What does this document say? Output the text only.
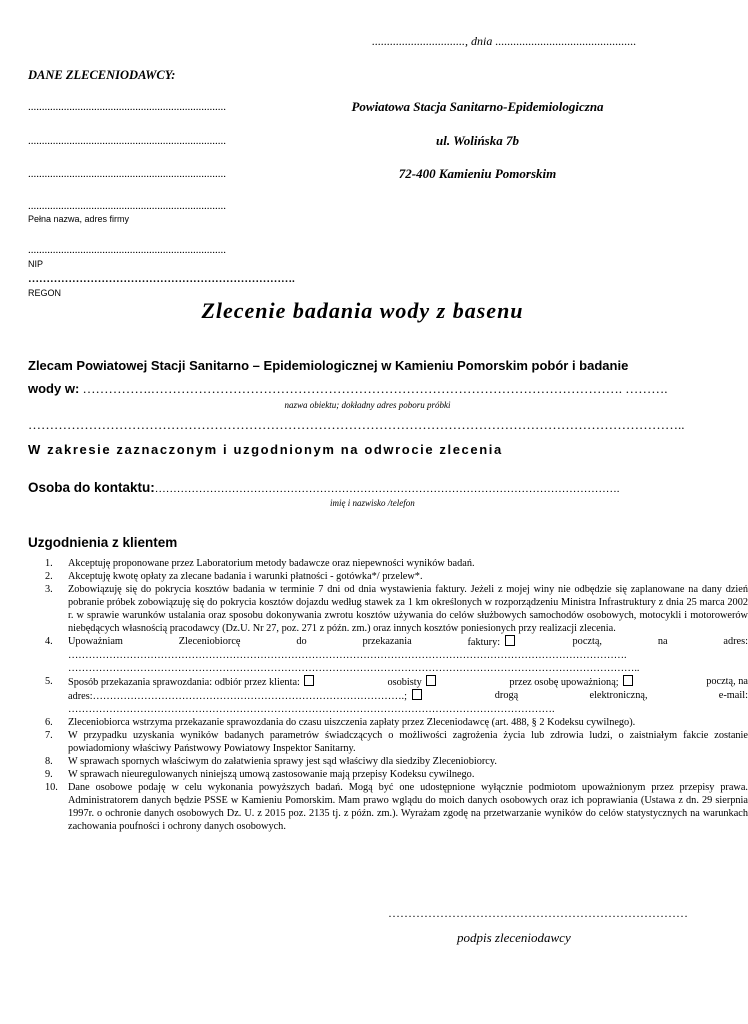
..............................., dnia ...............................................
DANE ZLECENIODAWCY:
........................................................................
........................................................................
........................................................................
........................................................................
Pełna nazwa, adres firmy
........................................................................
NIP
……………………………………………………………….
REGON
Powiatowa Stacja Sanitarno-Epidemiologiczna
ul. Wolińska 7b
72-400 Kamieniu Pomorskim
Zlecenie badania wody z basenu
Zlecam Powiatowej Stacji Sanitarno – Epidemiologicznej w Kamieniu Pomorskim pobór i badanie
wody w: …………….………………………………………………………………………………………………. ……….
nazwa obiektu; dokładny adres poboru próbki
……………………………………………………………………………………………………………………………………..
W zakresie zaznaczonym i uzgodnionym na odwrocie zlecenia
Osoba do kontaktu:……………………………………………………………………………………………………………….
imię i nazwisko /telefon
Uzgodnienia z klientem
Akceptuję proponowane przez Laboratorium metody badawcze oraz niepewności wyników badań.
Akceptuję kwotę opłaty za zlecane badania i warunki płatności - gotówka*/ przelew*.
Zobowiązuję się do pokrycia kosztów badania w terminie 7 dni od dnia wystawienia faktury. Jeżeli z mojej winy nie odbędzie się zaplanowane na dany dzień pobranie próbek zobowiązuję się do pokrycia kosztów dojazdu według stawek za 1 km określonych w rozporządzeniu Ministra Infrastruktury z dnia 25 marca 2002 r. w sprawie warunków ustalania oraz sposobu dokonywania zwrotu kosztów używania do celów służbowych samochodów osobowych, motocykli i motorowerów niebędących własnością pracodawcy (Dz.U. Nr 27, poz. 271 z późn. zm.) oraz innych kosztów poniesionych przy realizacji zlecenia.
Upoważniam	Zleceniobiorcę	do	przekazania	faktury:	pocztą,	na	adres:
……………………………………………………………………………………………………………………………………………….
…………………………………………………………………………………………………………………………………………………..
Sposób przekazania sprawozdania: odbiór przez klienta:	osobisty	przez osobę upoważnioną;	pocztą, na
adres:……………………………………………………………………………….;	drogą	elektroniczną,	e-mail:
…………………………………………………………………………………………………………………………….
Zleceniobiorca wstrzyma przekazanie sprawozdania do czasu uiszczenia zapłaty przez Zleceniodawcę (art. 488, § 2 Kodeksu cywilnego).
W przypadku uzyskania wyników badanych parametrów świadczących o możliwości zagrożenia życia lub zdrowia ludzi, o zaistniałym fakcie zostanie powiadomiony właściwy Państwowy Powiatowy Inspektor Sanitarny.
W sprawach spornych właściwym do załatwienia sprawy jest sąd właściwy dla siedziby Zleceniobiorcy.
W sprawach nieuregulowanych niniejszą umową zastosowanie mają przepisy Kodeksu cywilnego.
Dane osobowe podaję w celu wykonania powyższych badań. Mogą być one udostępnione wyłącznie podmiotom upoważnionym przez przepisy prawa. Administratorem danych będzie PSSE w Kamieniu Pomorskim. Mam prawo wglądu do moich danych osobowych oraz ich poprawiania (Ustawa z dn. 29 sierpnia 1997r. o ochronie danych osobowych Dz. U. z 2015 poz. 2135 tj. z późn. zm.). Wyrażam zgodę na przetwarzanie wyników do celów statystycznych na warunkach zachowania poufności i ochrony danych osobowych.
…………………………………………………………………
podpis zleceniodawcy
